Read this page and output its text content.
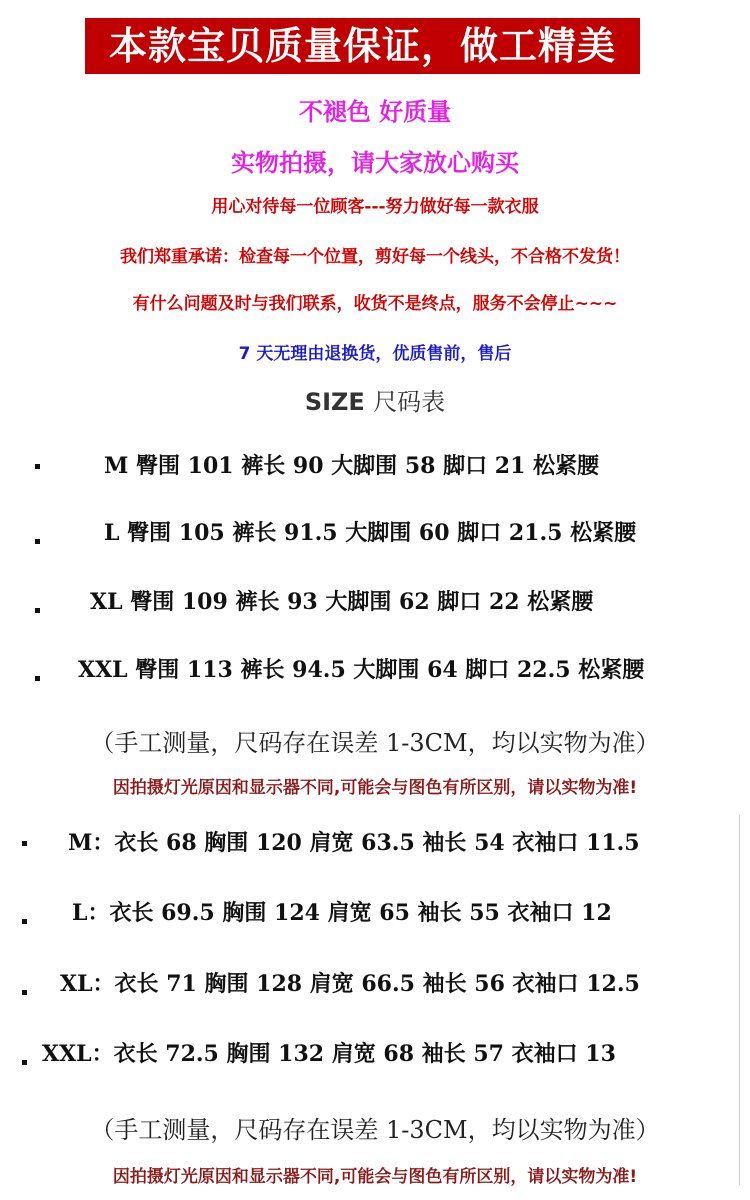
本款宝贝质量保证，做工精美
不褪色 好质量
实物拍摄，请大家放心购买
用心对待每一位顾客---努力做好每一款衣服
我们郑重承诺：检查每一个位置，剪好每一个线头，不合格不发货！
有什么问题及时与我们联系，收货不是终点，服务不会停止~~~
7 天无理由退换货，优质售前，售后
SIZE 尺码表
M 臀围 101 裤长 90 大脚围 58 脚口 21 松紧腰
L 臀围 105 裤长 91.5 大脚围 60 脚口 21.5 松紧腰
XL 臀围 109 裤长 93 大脚围 62 脚口 22 松紧腰
XXL 臀围 113 裤长 94.5 大脚围 64 脚口 22.5 松紧腰
（手工测量，尺码存在误差 1-3CM，均以实物为准）
因拍摄灯光原因和显示器不同,可能会与图色有所区别，请以实物为准!
M：衣长 68 胸围 120 肩宽 63.5 袖长 54 衣袖口 11.5
L：衣长 69.5 胸围 124 肩宽 65 袖长 55 衣袖口 12
XL：衣长 71 胸围 128 肩宽 66.5 袖长 56 衣袖口 12.5
XXL：衣长 72.5 胸围 132 肩宽 68 袖长 57 衣袖口 13
（手工测量，尺码存在误差 1-3CM，均以实物为准）
因拍摄灯光原因和显示器不同,可能会与图色有所区别，请以实物为准!
